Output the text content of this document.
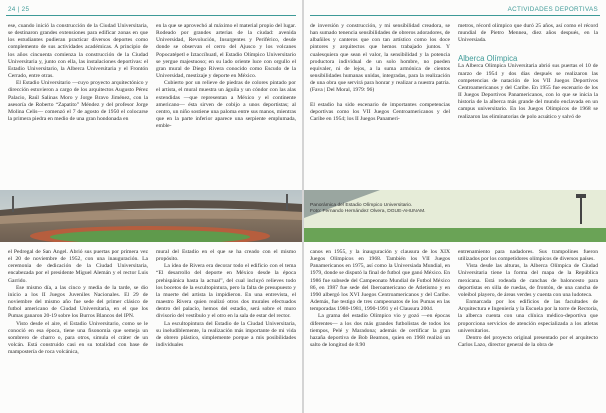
24 | 25	ACTIVIDADES DEPORTIVAS

ese, cuando inició la construcción de la Ciudad Universitaria, se destinaron grandes extensiones para edificar zonas en que los estudiantes pudieran practicar diversos deportes como complemento de sus actividades académicas. A principio de los años cincuenta comienza la construcción de la Ciudad Universitaria y, junto con ella, las instalaciones deportivas: el Estadio Universitario, la Alberca Universitaria y el Frontón Cerrado, entre otras.

El Estadio Universitario —cuyo proyecto arquitectónico y dirección estuvieron a cargo de los arquitectos Augusto Pérez Palacio, Raúl Salinas Moro y Jorge Bravo Jiménez, con la asesoría de Roberto “Zapatito” Méndez y del profesor Jorge Molina Celis— comenzó el 7 de agosto de 1950 el colocarse la primera piedra en medio de una gran hondonada en

en la que se aprovechó al máximo el material propio del lugar. Rodeado por grandes arterias de la ciudad: avenida Universidad, Revolución, Insurgentes y Periférico, desde donde se observan el cerro del Ajusco y los volcanes Popocatépetl e Iztaccíhuatl, el Estadio Olímpico Universitario se yergue majestuoso; en su lado oriente luce con orgullo el gran mural de Diego Rivera conocido como Escudo de la Universidad, mestizaje y deporte en México.

Cubierto por un relieve de piedras de colores pintado por el artista, el mural muestra un águila y un cóndor con las alas extendidas —que representan a México y el continente americano— ésta sirven de cobijo a unos deportistas; al centro, un niño sostiene una paloma entre sus manos, mientras que en la parte inferior aparece una serpiente emplumada, emble-

de inversión y construcción, y mi sensibilidad creadora, se han sumado tenencia sensibilidades de obreros adoradores, de albañiles y canteros que con tan artístico como los doce pintores y arquitectos que hemos trabajado juntos. Y cualesquiera que sean el valor, la sensibilidad y la potencia productora individual de un solo hombre, no pueden equivaler, ni de lejos, a la suma armónica de cientos sensibilidades humanas unidas, integradas, para la realización de una obra que servirá para honrar y realizar a nuestra patria. (Fava | Del Moral, 1979: 96)

El estadio ha sido escenario de importantes competencias deportivas como los VII Juegos Centroamericanos y del Caribe en 1954; los II Juegos Panameri-

metros, récord olímpico que duró 25 años, así como el récord mundial de Pietro Mennea, diez años después, en la Universiada.

Alberca Olímpica

La Alberca Olímpica Universitaria abrió sus puertas el 10 de marzo de 1954 y dos días después se realizaron las competencias de natación de los VII Juegos Deportivos Centroamericanos y del Caribe. En 1955 fue escenario de los II Juegos Deportivos Panamericanos, con lo que se inicia la historia de la alberca más grande del mundo enclavada en un campus universitario. En los Juegos Olímpicos de 1968 se realizaron las eliminatorias de polo acuático y salvó de

Panorámica del Estadio Olímpico Universitario.
Foto: Fernando Hernández Olvera, DGUE-AHUNAM.

el Pedregal de San Ángel. Abrió sus puertas por primera vez el 20 de noviembre de 1952, con una inauguración. La ceremonia de dedicación de la Ciudad Universitaria, encabezada por el presidente Miguel Alemán y el rector Luis Garrido.

Ese mismo día, a las cinco y media de la tarde, se dio inicio a los II Juegos Juveniles Nacionales. El 29 de noviembre del mismo año fue sede del primer clásico de futbol americano de Ciudad Universitaria, en el que los Pumas ganaron 20-19 sobre los Burros Blancos del IPN.

Visto desde el aire, el Estadio Universitario, como se le conoció en esa época, tiene una fisonomía que semeja un sombrero de charro o, para otros, simula el cráter de un volcán. Está construido casi en su totalidad con base de mampostería de roca volcánica,

mural del Estadio en el que se ha creado con el mismo propósito.

La idea de Rivera era decorar todo el edificio con el tema “El desarrollo del deporte en México desde la época prehispánica hasta la actual”, del cual incluyó relieves todo los bocetos de la escultopintura, pero la falta de presupuesto y la muerte del artista la impidieron. En una entrevista, el maestro Rivera quien realizó otros dos murales efectuados dentro del palacio, hemos del estadio, será sobre el muro divisorio del vestíbulo y el otro en la sala de estar del rector.

La escultopintura del Estadio de la Ciudad Universitaria, su ineludiblemente, la realización más importante de mi vida de obrero plástico, simplemente porque a mis posibilidades individuales

canos en 1955, y la inauguración y clausura de los XIX Juegos Olímpicos en 1968. También los VII Juegos Panamericanos en 1975, así como la Universiada Mundial, en 1979, donde se disputó la final de futbol que ganó México. En 1986 fue subsede del Campeonato Mundial de Futbol México 86, en 1987 fue sede del Iberoamericano de Atletismo y en 1990 albergó los XVI Juegos Centroamericanos y del Caribe. Además, fue testigo de tres campeonatos de los Pumas en las temporadas 1980-1981, 1990-1991 y el Clausura 2004.

La grama del estadio Olímpico vio y gozó —en épocas diferentes— a los dos más grandes futbolistas de todos los tiempos, Pelé y Maradona; además de certificar la gran hazaña deportiva de Bob Beamon, quien en 1968 realizó un salto de longitud de 8.90

entrenamiento para nadadores. Sus trampolines fueron utilizados por los competidores olímpicos de diversos países.

Vista desde las alturas, la Alberca Olímpica de Ciudad Universitaria tiene la forma del mapa de la República mexicana. Está rodeada de canchas de baloncesto para deportistas en silla de ruedas, de frontón, de una cancha de voleibol playero, de áreas verdes y cuenta con una ludoteca.

Enmarcada por los edificios de las facultades de Arquitectura e Ingeniería y la Escuela por la torre de Rectoría, la alberca cuenta con una clínica médico-deportiva que proporciona servicios de atención especializada a los atletas universitarios.

Dentro del proyecto original presentado por el arquitecto Carlos Lazo, director general de la obra de
